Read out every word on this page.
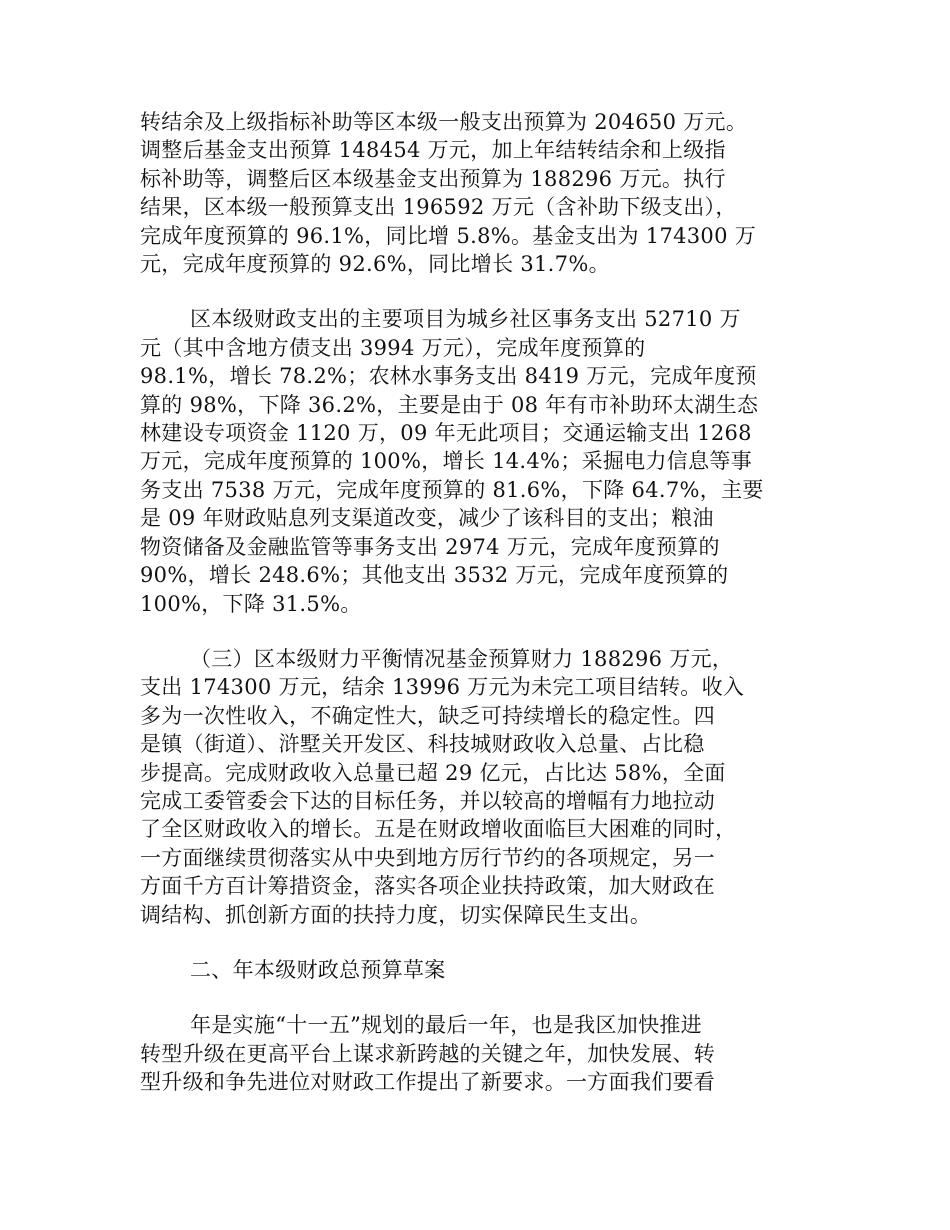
转结余及上级指标补助等区本级一般支出预算为 204650 万元。
调整后基金支出预算 148454 万元，加上年结转结余和上级指
标补助等，调整后区本级基金支出预算为 188296 万元。执行
结果，区本级一般预算支出 196592 万元（含补助下级支出），
完成年度预算的 96.1%，同比增 5.8%。基金支出为 174300 万
元，完成年度预算的 92.6%，同比增长 31.7%。
区本级财政支出的主要项目为城乡社区事务支出 52710 万
元（其中含地方债支出 3994 万元），完成年度预算的
98.1%，增长 78.2%；农林水事务支出 8419 万元，完成年度预
算的 98%，下降 36.2%，主要是由于 08 年有市补助环太湖生态
林建设专项资金 1120 万，09 年无此项目；交通运输支出 1268
万元，完成年度预算的 100%，增长 14.4%；采掘电力信息等事
务支出 7538 万元，完成年度预算的 81.6%，下降 64.7%，主要
是 09 年财政贴息列支渠道改变，减少了该科目的支出；粮油
物资储备及金融监管等事务支出 2974 万元，完成年度预算的
90%，增长 248.6%；其他支出 3532 万元，完成年度预算的
100%，下降 31.5%。
（三）区本级财力平衡情况基金预算财力 188296 万元，
支出 174300 万元，结余 13996 万元为未完工项目结转。收入
多为一次性收入，不确定性大，缺乏可持续增长的稳定性。四
是镇（街道）、浒墅关开发区、科技城财政收入总量、占比稳
步提高。完成财政收入总量已超 29 亿元，占比达 58%，全面
完成工委管委会下达的目标任务，并以较高的增幅有力地拉动
了全区财政收入的增长。五是在财政增收面临巨大困难的同时，
一方面继续贯彻落实从中央到地方厉行节约的各项规定，另一
方面千方百计筹措资金，落实各项企业扶持政策，加大财政在
调结构、抓创新方面的扶持力度，切实保障民生支出。
二、年本级财政总预算草案
年是实施“十一五”规划的最后一年，也是我区加快推进
转型升级在更高平台上谋求新跨越的关键之年，加快发展、转
型升级和争先进位对财政工作提出了新要求。一方面我们要看
